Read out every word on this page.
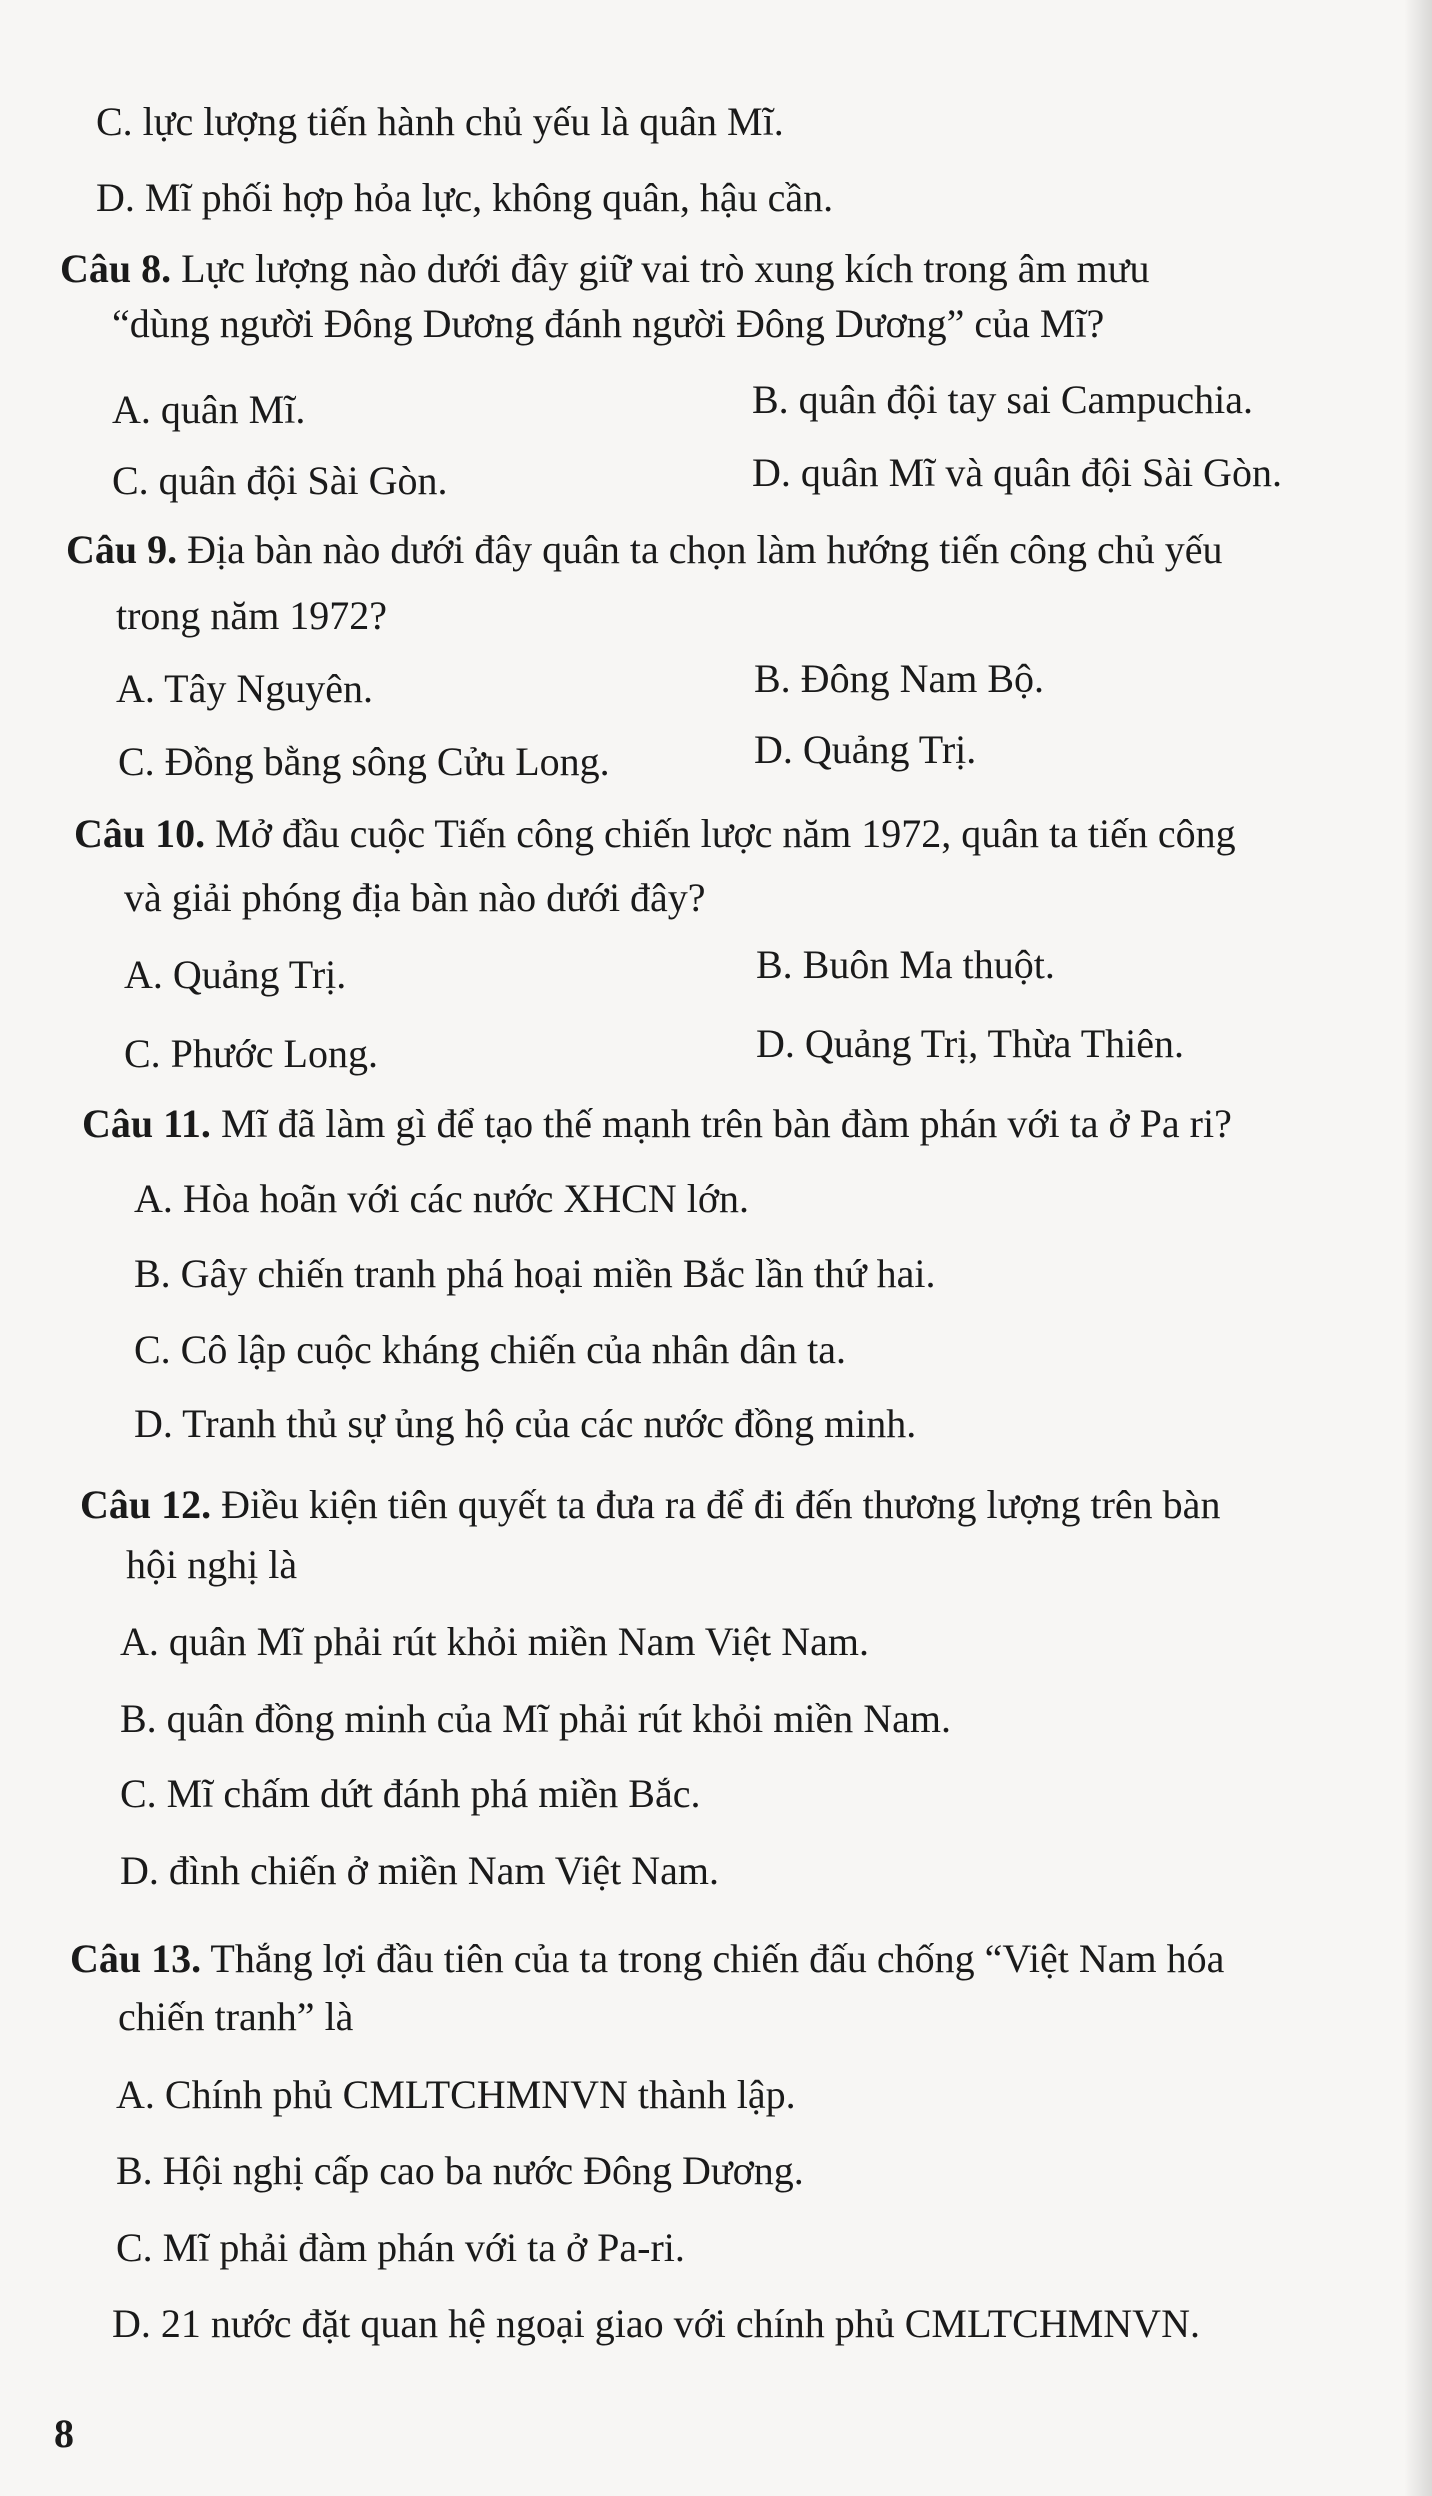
C. lực lượng tiến hành chủ yếu là quân Mĩ.
D. Mĩ phối hợp hỏa lực, không quân, hậu cần.
Câu 8. Lực lượng nào dưới đây giữ vai trò xung kích trong âm mưu
“dùng người Đông Dương đánh người Đông Dương” của Mĩ?
A. quân Mĩ.	B. quân đội tay sai Campuchia.
C. quân đội Sài Gòn.	D. quân Mĩ và quân đội Sài Gòn.
Câu 9. Địa bàn nào dưới đây quân ta chọn làm hướng tiến công chủ yếu
trong năm 1972?
A. Tây Nguyên.	B. Đông Nam Bộ.
C. Đồng bằng sông Cửu Long.	D. Quảng Trị.
Câu 10. Mở đầu cuộc Tiến công chiến lược năm 1972, quân ta tiến công
và giải phóng địa bàn nào dưới đây?
A. Quảng Trị.	B. Buôn Ma thuột.
C. Phước Long.	D. Quảng Trị, Thừa Thiên.
Câu 11. Mĩ đã làm gì để tạo thế mạnh trên bàn đàm phán với ta ở Pa ri?
A. Hòa hoãn với các nước XHCN lớn.
B. Gây chiến tranh phá hoại miền Bắc lần thứ hai.
C. Cô lập cuộc kháng chiến của nhân dân ta.
D. Tranh thủ sự ủng hộ của các nước đồng minh.
Câu 12. Điều kiện tiên quyết ta đưa ra để đi đến thương lượng trên bàn
hội nghị là
A. quân Mĩ phải rút khỏi miền Nam Việt Nam.
B. quân đồng minh của Mĩ phải rút khỏi miền Nam.
C. Mĩ chấm dứt đánh phá miền Bắc.
D. đình chiến ở miền Nam Việt Nam.
Câu 13. Thắng lợi đầu tiên của ta trong chiến đấu chống “Việt Nam hóa
chiến tranh” là
A. Chính phủ CMLTCHMNVN thành lập.
B. Hội nghị cấp cao ba nước Đông Dương.
C. Mĩ phải đàm phán với ta ở Pa-ri.
D. 21 nước đặt quan hệ ngoại giao với chính phủ CMLTCHMNVN.
8
